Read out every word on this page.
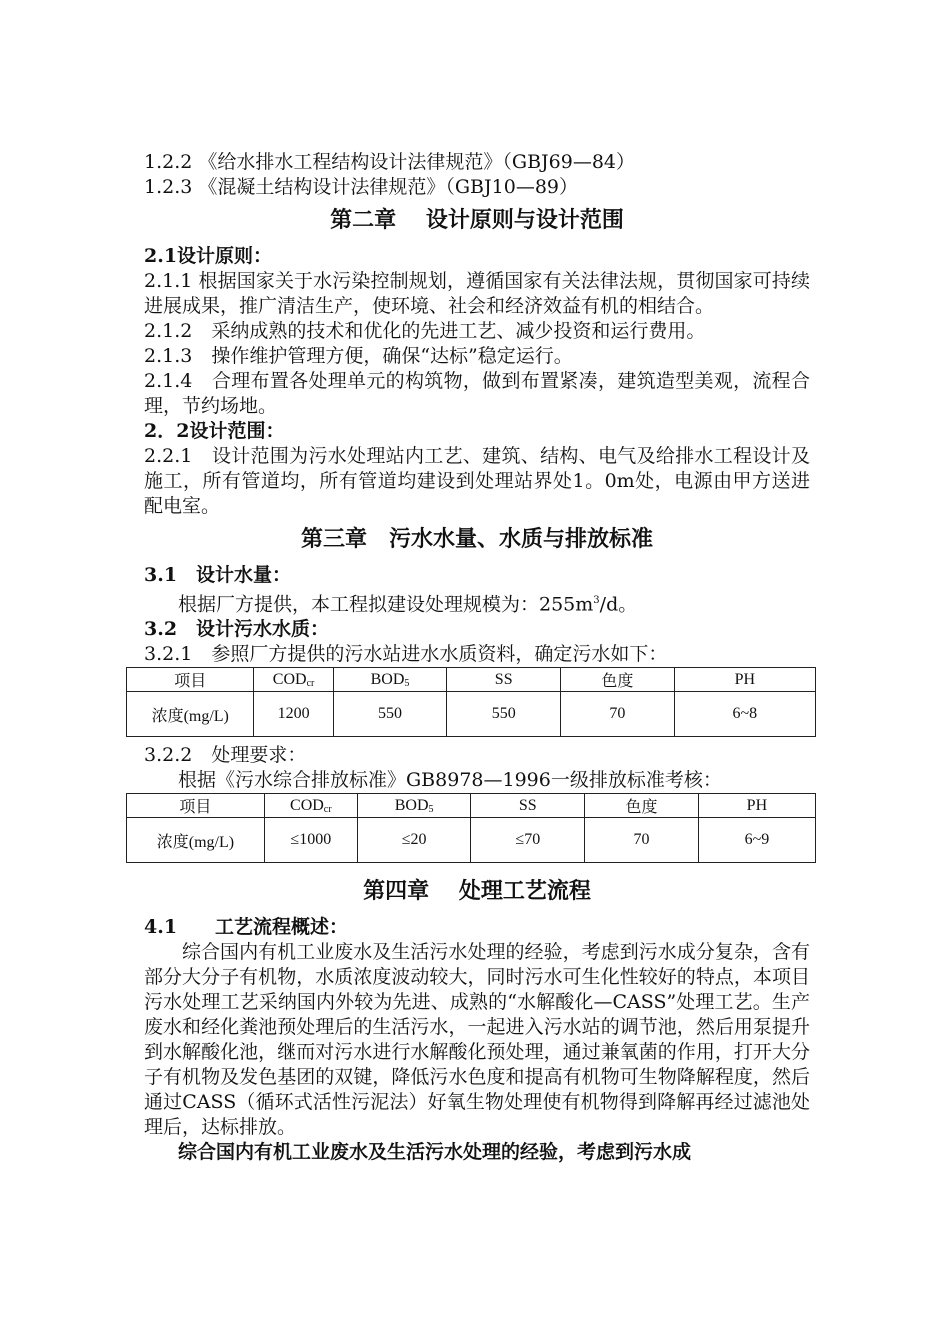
1.2.2 《给水排水工程结构设计法律规范》（GBJ69—84）
1.2.3 《混凝土结构设计法律规范》（GBJ10—89）
第二章　 设计原则与设计范围
2.1设计原则：
2.1.1 根据国家关于水污染控制规划，遵循国家有关法律法规，贯彻国家可持续进展成果，推广清洁生产，使环境、社会和经济效益有机的相结合。
2.1.2　采纳成熟的技术和优化的先进工艺、减少投资和运行费用。
2.1.3　操作维护管理方便，确保“达标”稳定运行。
2.1.4　合理布置各处理单元的构筑物，做到布置紧凑，建筑造型美观，流程合理，节约场地。
2．2设计范围：
2.2.1　设计范围为污水处理站内工艺、建筑、结构、电气及给排水工程设计及施工，所有管道均，所有管道均建设到处理站界处1。0m处，电源由甲方送进配电室。
第三章　污水水量、水质与排放标准
3.1　设计水量：
根据厂方提供，本工程拟建设处理规模为：$255m^3/d$。
3.2　设计污水水质：
3.2.1　参照厂方提供的污水站进水水质资料，确定污水如下：
项目	$COD_{cr}$	$BOD_5$	SS	色度	PH
浓度(mg/L)	1200	550	550	70	6~8
3.2.2　处理要求：
根据《污水综合排放标准》GB8978—1996一级排放标准考核：
项目	$COD_{cr}$	$BOD_5$	SS	色度	PH
浓度(mg/L)	≤1000	≤20	≤70	70	6~9
第四章　 处理工艺流程
4.1　　工艺流程概述：
综合国内有机工业废水及生活污水处理的经验，考虑到污水成分复杂，含有部分大分子有机物，水质浓度波动较大，同时污水可生化性较好的特点，本项目污水处理工艺采纳国内外较为先进、成熟的“水解酸化—CASS”处理工艺。生产废水和经化粪池预处理后的生活污水，一起进入污水站的调节池，然后用泵提升到水解酸化池，继而对污水进行水解酸化预处理，通过兼氧菌的作用，打开大分子有机物及发色基团的双键，降低污水色度和提高有机物可生物降解程度，然后通过CASS（循环式活性污泥法）好氧生物处理使有机物得到降解再经过滤池处理后，达标排放。
综合国内有机工业废水及生活污水处理的经验，考虑到污水成
